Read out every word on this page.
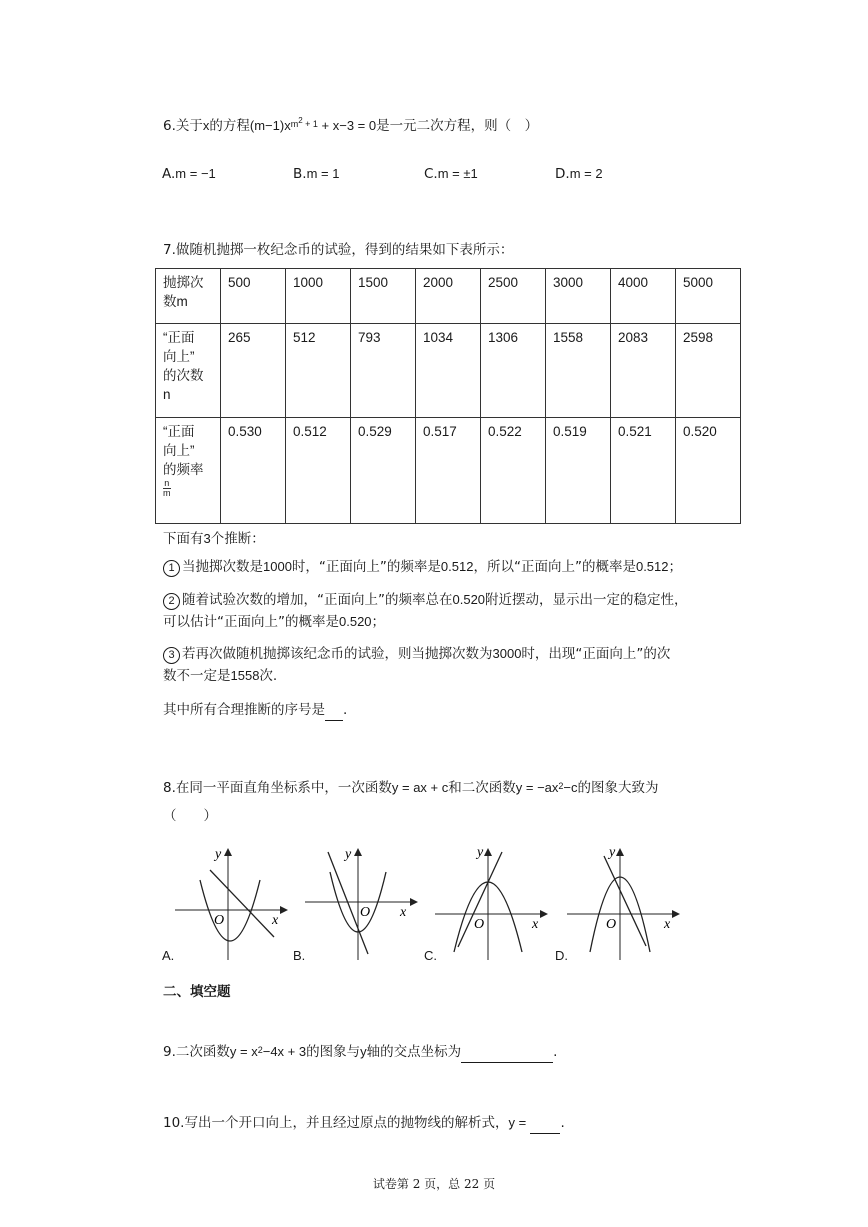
6.关于x的方程$(m-1)x^{m^2 + 1} + x-3 = 0$是一元二次方程，则（　）
A.m = −1	B.m = 1	C.m = ±1	D.m = 2
7.做随机抛掷一枚纪念币的试验，得到的结果如下表所示：
抛掷次
数m	500	1000	1500	2000	2500	3000	4000	5000
“正面
向上”
的次数
n	265	512	793	1034	1306	1558	2083	2598
“正面
向上”
的频率

$\frac{n}{m}$	0.530	0.512	0.529	0.517	0.522	0.519	0.521	0.520
下面有3个推断：
1 当抛掷次数是1000时，“正面向上”的频率是0.512，所以“正面向上”的概率是0.512；
2 随着试验次数的增加，“正面向上”的频率总在0.520附近摆动，显示出一定的稳定性，
可以估计“正面向上”的概率是0.520；
3 若再次做随机抛掷该纪念币的试验，则当抛掷次数为3000时，出现“正面向上”的次
数不一定是1558次.
其中所有合理推断的序号是 .
8.在同一平面直角坐标系中，一次函数y = ax + c和二次函数$y = -ax^2-c$的图象大致为
（　　）
y
x
O
y
x
O
y
x
O
y
x
O
A.	B.	C.	D.
二、填空题
9.二次函数$y = x^2-4x + 3$的图象与y轴的交点坐标为	.
10.写出一个开口向上，并且经过原点的抛物线的解析式，y =	.
试卷第 2 页，总 22 页
